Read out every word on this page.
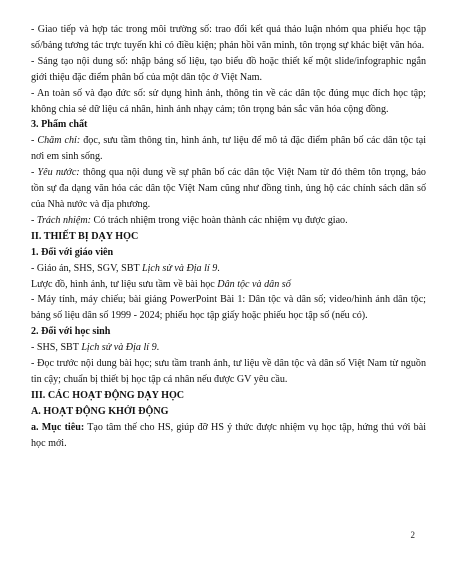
- Giao tiếp và hợp tác trong môi trường số: trao đổi kết quả thảo luận nhóm qua phiếu học tập số/bảng tương tác trực tuyến khi có điều kiện; phản hồi văn minh, tôn trọng sự khác biệt văn hóa.

- Sáng tạo nội dung số: nhập bảng số liệu, tạo biểu đồ hoặc thiết kế một slide/infographic ngắn giới thiệu đặc điểm phân bố của một dân tộc ở Việt Nam.

- An toàn số và đạo đức số: sử dụng hình ảnh, thông tin về các dân tộc đúng mục đích học tập; không chia sẻ dữ liệu cá nhân, hình ảnh nhạy cảm; tôn trọng bản sắc văn hóa cộng đồng.

3. Phẩm chất

- Chăm chỉ: đọc, sưu tầm thông tin, hình ảnh, tư liệu để mô tả đặc điểm phân bố các dân tộc tại nơi em sinh sống.

- Yêu nước: thông qua nội dung về sự phân bố các dân tộc Việt Nam từ đó thêm tôn trọng, bảo tồn sự đa dạng văn hóa các dân tộc Việt Nam cũng như đồng tình, ủng hộ các chính sách dân số của Nhà nước và địa phương.

- Trách nhiệm: Có trách nhiệm trong việc hoàn thành các nhiệm vụ được giao.

II. THIẾT BỊ DẠY HỌC

1. Đối với giáo viên

- Giáo án, SHS, SGV, SBT Lịch sử và Địa lí 9.

Lược đồ, hình ảnh, tư liệu sưu tầm về bài học Dân tộc và dân số

- Máy tính, máy chiếu; bài giảng PowerPoint Bài 1: Dân tộc và dân số; video/hình ảnh dân tộc; bảng số liệu dân số 1999 - 2024; phiếu học tập giấy hoặc phiếu học tập số (nếu có).

2. Đối với học sinh

- SHS, SBT Lịch sử và Địa lí 9.

- Đọc trước nội dung bài học; sưu tầm tranh ảnh, tư liệu về dân tộc và dân số Việt Nam từ nguồn tin cậy; chuẩn bị thiết bị học tập cá nhân nếu được GV yêu cầu.

III. CÁC HOẠT ĐỘNG DẠY HỌC

A. HOẠT ĐỘNG KHỞI ĐỘNG

a. Mục tiêu: Tạo tâm thế cho HS, giúp đỡ HS ý thức được nhiệm vụ học tập, hứng thú với bài học mới.

2
